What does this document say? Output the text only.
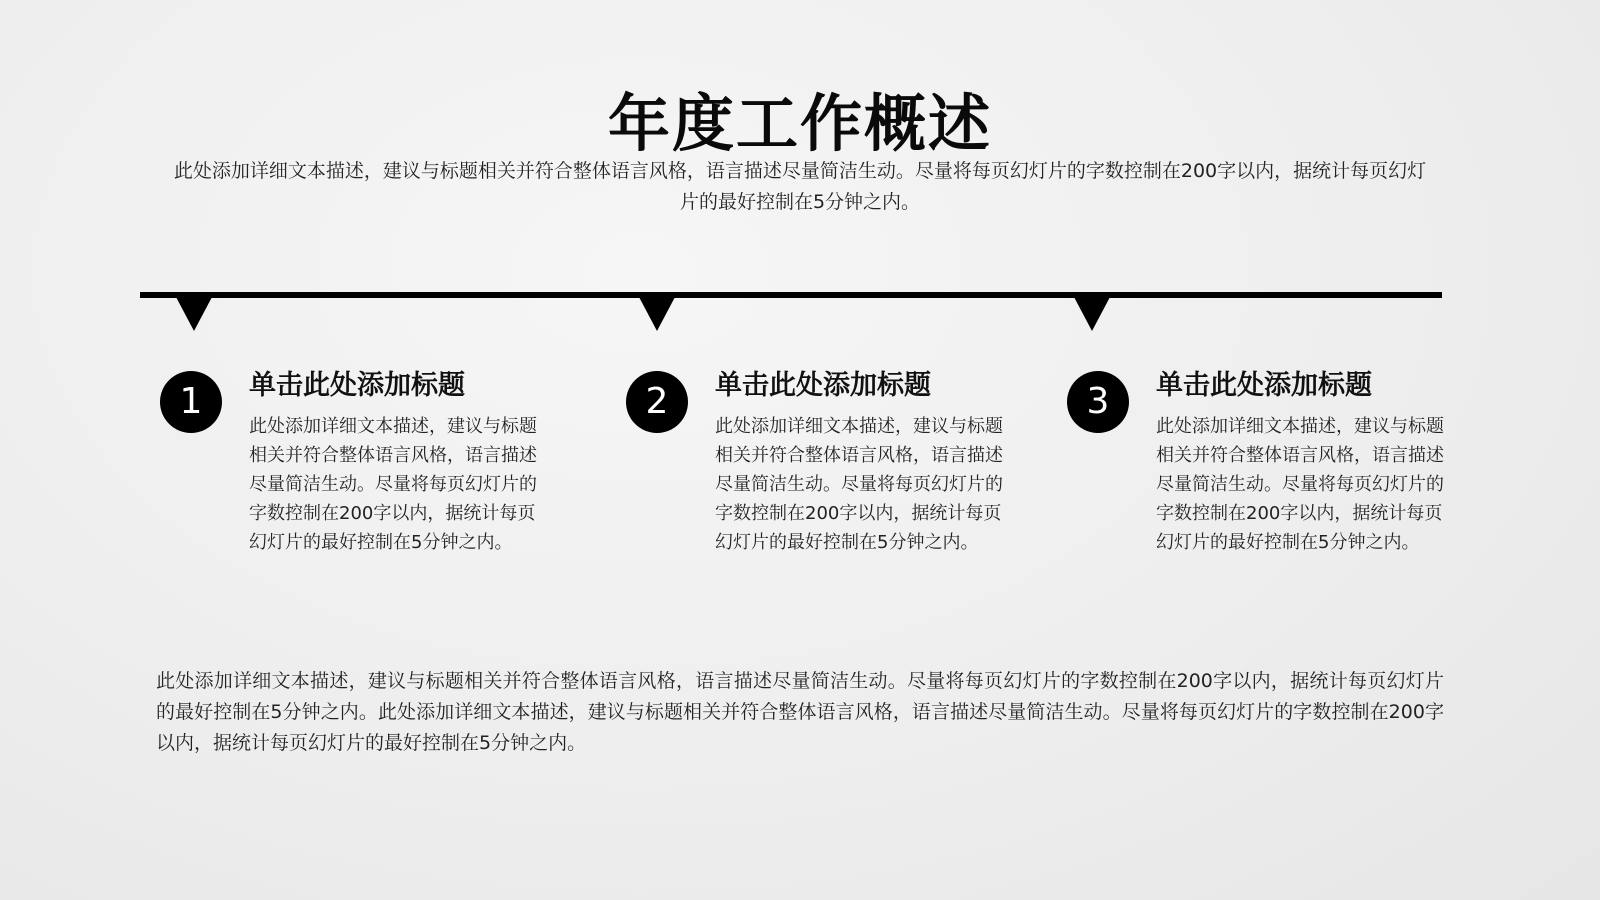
年度工作概述

此处添加详细文本描述，建议与标题相关并符合整体语言风格，语言描述尽量简洁生动。尽量将每页幻灯片的字数控制在200字以内，据统计每页幻灯片的最好控制在5分钟之内。

1	单击此处添加标题

此处添加详细文本描述，建议与标题相关并符合整体语言风格，语言描述尽量简洁生动。尽量将每页幻灯片的字数控制在200字以内，据统计每页幻灯片的最好控制在5分钟之内。

2	单击此处添加标题

此处添加详细文本描述，建议与标题相关并符合整体语言风格，语言描述尽量简洁生动。尽量将每页幻灯片的字数控制在200字以内，据统计每页幻灯片的最好控制在5分钟之内。

3	单击此处添加标题

此处添加详细文本描述，建议与标题相关并符合整体语言风格，语言描述尽量简洁生动。尽量将每页幻灯片的字数控制在200字以内，据统计每页幻灯片的最好控制在5分钟之内。

此处添加详细文本描述，建议与标题相关并符合整体语言风格，语言描述尽量简洁生动。尽量将每页幻灯片的字数控制在200字以内，据统计每页幻灯片的最好控制在5分钟之内。此处添加详细文本描述，建议与标题相关并符合整体语言风格，语言描述尽量简洁生动。尽量将每页幻灯片的字数控制在200字以内，据统计每页幻灯片的最好控制在5分钟之内。
